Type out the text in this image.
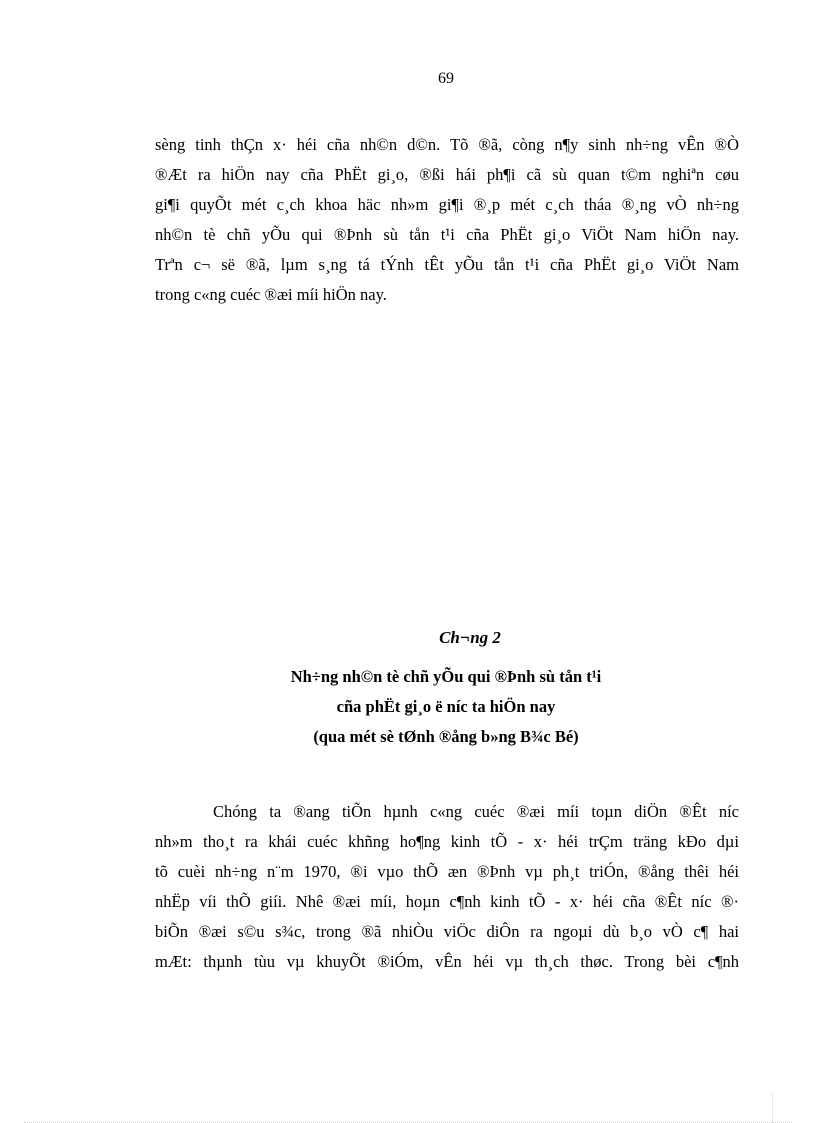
69
sèng tinh thÇn x· héi cña nh©n d©n. Tõ ®ã, còng n¶y sinh nh÷ng vÊn ®Ò
®Æt ra hiÖn nay cña PhËt gi¸o, ®ßi hái ph¶i cã sù quan t©m nghiªn cøu
gi¶i quyÕt mét c¸ch khoa häc nh»m gi¶i ®¸p mét c¸ch tháa ®¸ng vÒ nh÷ng
nh©n tè chñ yÕu qui ®Þnh sù tån t¹i cña PhËt gi¸o ViÖt Nam hiÖn nay.
Trªn c¬ së ®ã, lµm s¸ng tá tÝnh tÊt yÕu tån t¹i cña PhËt gi¸o ViÖt Nam
trong c«ng cuéc ®æi míi hiÖn nay.
Ch¬ng 2
Nh÷ng nh©n tè chñ yÕu qui ®Þnh sù tån t¹i
cña phËt gi¸o ë níc ta hiÖn nay
(qua mét sè tØnh ®ång b»ng B¾c Bé)
Chóng ta ®ang tiÕn hµnh c«ng cuéc ®æi míi toµn diÖn ®Êt níc
nh»m tho¸t ra khái cuéc khñng ho¶ng kinh tÕ - x· héi trÇm träng kÐo dµi
tõ cuèi nh÷ng n¨m 1970, ®i vµo thÕ æn ®Þnh vµ ph¸t triÓn, ®ång thêi héi
nhËp víi thÕ giíi. Nhê ®æi míi, hoµn c¶nh kinh tÕ - x· héi cña ®Êt níc ®·
biÕn ®æi s©u s¾c, trong ®ã nhiÒu viÖc diÔn ra ngoµi dù b¸o vÒ c¶ hai
mÆt: thµnh tùu vµ khuyÕt ®iÓm, vÊn héi vµ th¸ch thøc. Trong bèi c¶nh
